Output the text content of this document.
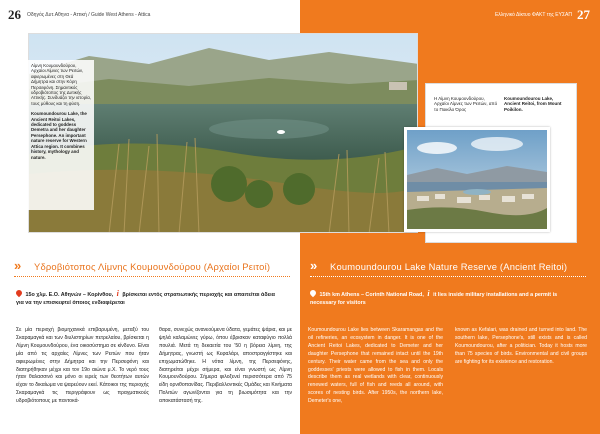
26 Οδηγός Δυτ.Αθηνα - Αττική / Guide West Athens - Attica	27
Ελληνικό Δίκτυο ΦΑΚΤ της ΕΥΣΑΠ

Λίμνη Κουμουνδούρου, Αρχαίοι Λίμνες των Ρειτών, αφιερωμένες στη Θεά Δήμητρα και στην Κόρη Περσεφόνη. Σημαντικός υδροβιότοπος της Δυτικής Αττικής. Συνδυάζει την ιστορία, τους μύθους και τη φύση.

Koumoundourou Lake, the Ancient Reitoi Lakes, dedicated to goddess Demetra and her daughter Persephone. An important nature reserve for Western Attica region. It combines history, mythology and nature.

Η Λίμνη Κουμουνδούρου, Αρχαίοι Λίμνες των Ρειτών, από το Ποικίλο Όρος

Koumoundourou Lake, Ancient Reitoi, from Mount Poikilon.

» Υδροβιότοπος Λίμνης Κουμουνδούρου (Αρχαίοι Ρειτοί)	» Koumoundourou Lake Nature Reserve (Ancient Reitoi)
15ο χλμ. Ε.Ο. Αθηνών – Κορίνθου, i βρίσκεται εντός στρατιωτικής περιοχής και απαιτείται άδεια για να την επισκεφτεί όποιος ενδιαφέρεται
15th km Athens – Corinth National Road, i it lies inside military installations and a permit is necessary for visitors
Σε μία περιοχή βιομηχανικά επιβαρυμένη, μεταξύ του Σκαραμαγκά και των διυλιστηρίων πετρελαίου, βρίσκεται η Λίμνη Κουμουνδούρου, ένα οικοσύστημα σε κίνδυνο. Είναι μία από τις αρχαίες Λίμνες των Ρειτών που ήταν αφιερωμένες στην Δήμητρα και την Περσεφόνη και διατηρήθηκαν μέχρι και τον 19ο αιώνα μ.Χ. Το νερό τους ήταν θαλασσινό και μόνο οι ιερείς των θεοτήτων αυτών είχαν το δικαίωμα να ψαρεύουν εκεί. Κάτοικοι της περιοχής Σκαραμαγκά τις περιγράφουν ως πραγματικούς υδροβιότοπους με παντοκά-
θαρα, συνεχώς ανανεούμενα ύδατα, γεμάτες ψάρια, και με ψηλά καλαμώνες γύρω, όπου έβρισκαν καταφύγιο πολλά πουλιά. Μετά τη δεκαετία του '50 η βόρεια λίμνη, της Δήμητρας, γνωστή ως Κεφαλάρι, αποστραγγίστηκε και επιχωματώθηκε. Η νότια λίμνη, της Περσεφόνης, διατηρείται μέχρι σήμερα, και είναι γνωστή ως Λίμνη Κουμουνδούρου. Σήμερα φιλοξενεί περισσότερα από 75 είδη ορνιθοπανίδας. Περιβαλλοντικές Ομάδες και Κινήματα Πολιτών αγωνίζονται για τη βιωσιμότητα και την αποκατάστασή της.
Koumoundourou Lake lies between Skaramangas and the oil refineries, an ecosystem in danger. It is one of the Ancient Reitoi Lakes, dedicated to Demeter and her daughter Persephone that remained intact until the 19th century. Their water came from the sea and only the goddesses' priests were allowed to fish in them. Locals describe them as real wetlands with clear, continuously renewed waters, full of fish and reeds all around, with scores of nesting birds. After 1950s, the northern lake, Demeter's one,
known as Kefalari, was drained and turned into land. The southern lake, Persephone's, still exists and is called Koumoundourou, after a politician. Today it hosts more than 75 species of birds. Environmental and civil groups are fighting for its existence and restoration.
